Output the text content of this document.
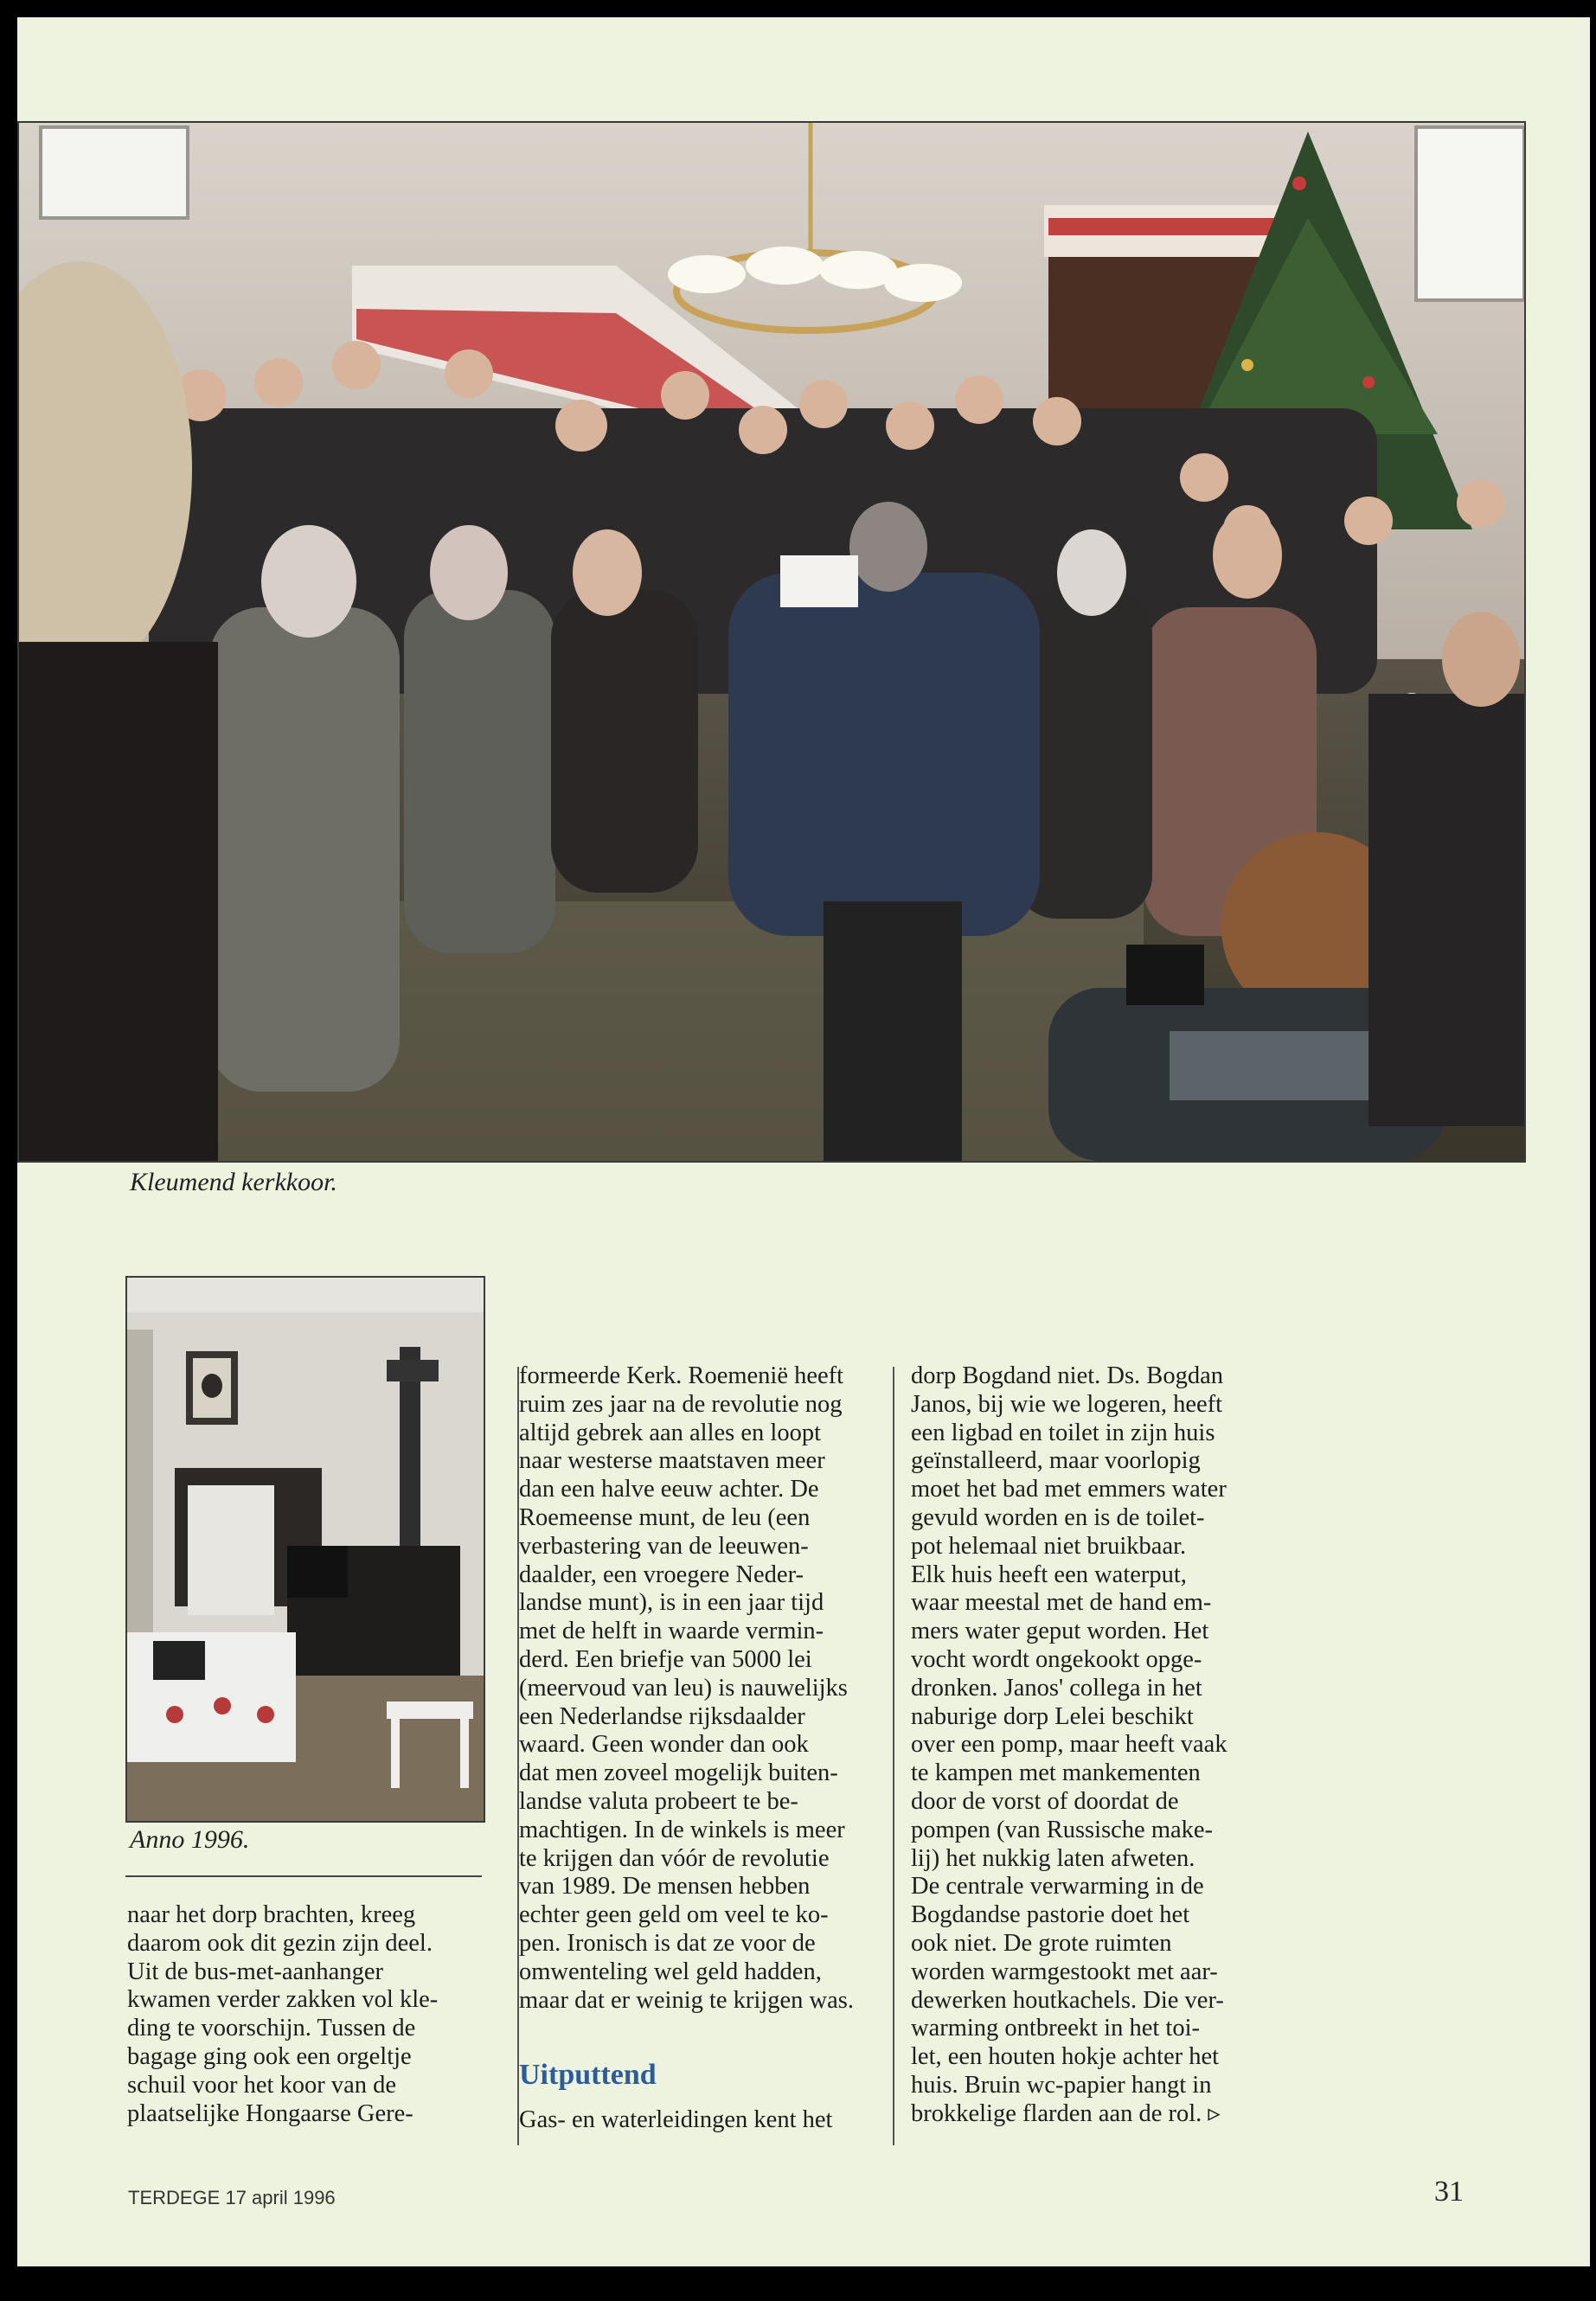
Kleumend kerkkoor.
Anno 1996.
naar het dorp brachten, kreeg
daarom ook dit gezin zijn deel.
Uit de bus-met-aanhanger
kwamen verder zakken vol kle-
ding te voorschijn. Tussen de
bagage ging ook een orgeltje
schuil voor het koor van de
plaatselijke Hongaarse Gere-
formeerde Kerk. Roemenië heeft
ruim zes jaar na de revolutie nog
altijd gebrek aan alles en loopt
naar westerse maatstaven meer
dan een halve eeuw achter. De
Roemeense munt, de leu (een
verbastering van de leeuwen-
daalder, een vroegere Neder-
landse munt), is in een jaar tijd
met de helft in waarde vermin-
derd. Een briefje van 5000 lei
(meervoud van leu) is nauwelijks
een Nederlandse rijksdaalder
waard. Geen wonder dan ook
dat men zoveel mogelijk buiten-
landse valuta probeert te be-
machtigen. In de winkels is meer
te krijgen dan vóór de revolutie
van 1989. De mensen hebben
echter geen geld om veel te ko-
pen. Ironisch is dat ze voor de
omwenteling wel geld hadden,
maar dat er weinig te krijgen was.
Uitputtend
Gas- en waterleidingen kent het
dorp Bogdand niet. Ds. Bogdan
Janos, bij wie we logeren, heeft
een ligbad en toilet in zijn huis
geïnstalleerd, maar voorlopig
moet het bad met emmers water
gevuld worden en is de toilet-
pot helemaal niet bruikbaar.
Elk huis heeft een waterput,
waar meestal met de hand em-
mers water geput worden. Het
vocht wordt ongekookt opge-
dronken. Janos' collega in het
naburige dorp Lelei beschikt
over een pomp, maar heeft vaak
te kampen met mankementen
door de vorst of doordat de
pompen (van Russische make-
lij) het nukkig laten afweten.
De centrale verwarming in de
Bogdandse pastorie doet het
ook niet. De grote ruimten
worden warmgestookt met aar-
dewerken houtkachels. Die ver-
warming ontbreekt in het toi-
let, een houten hokje achter het
huis. Bruin wc-papier hangt in
brokkelige flarden aan de rol. ▹
TERDEGE 17 april 1996	31
